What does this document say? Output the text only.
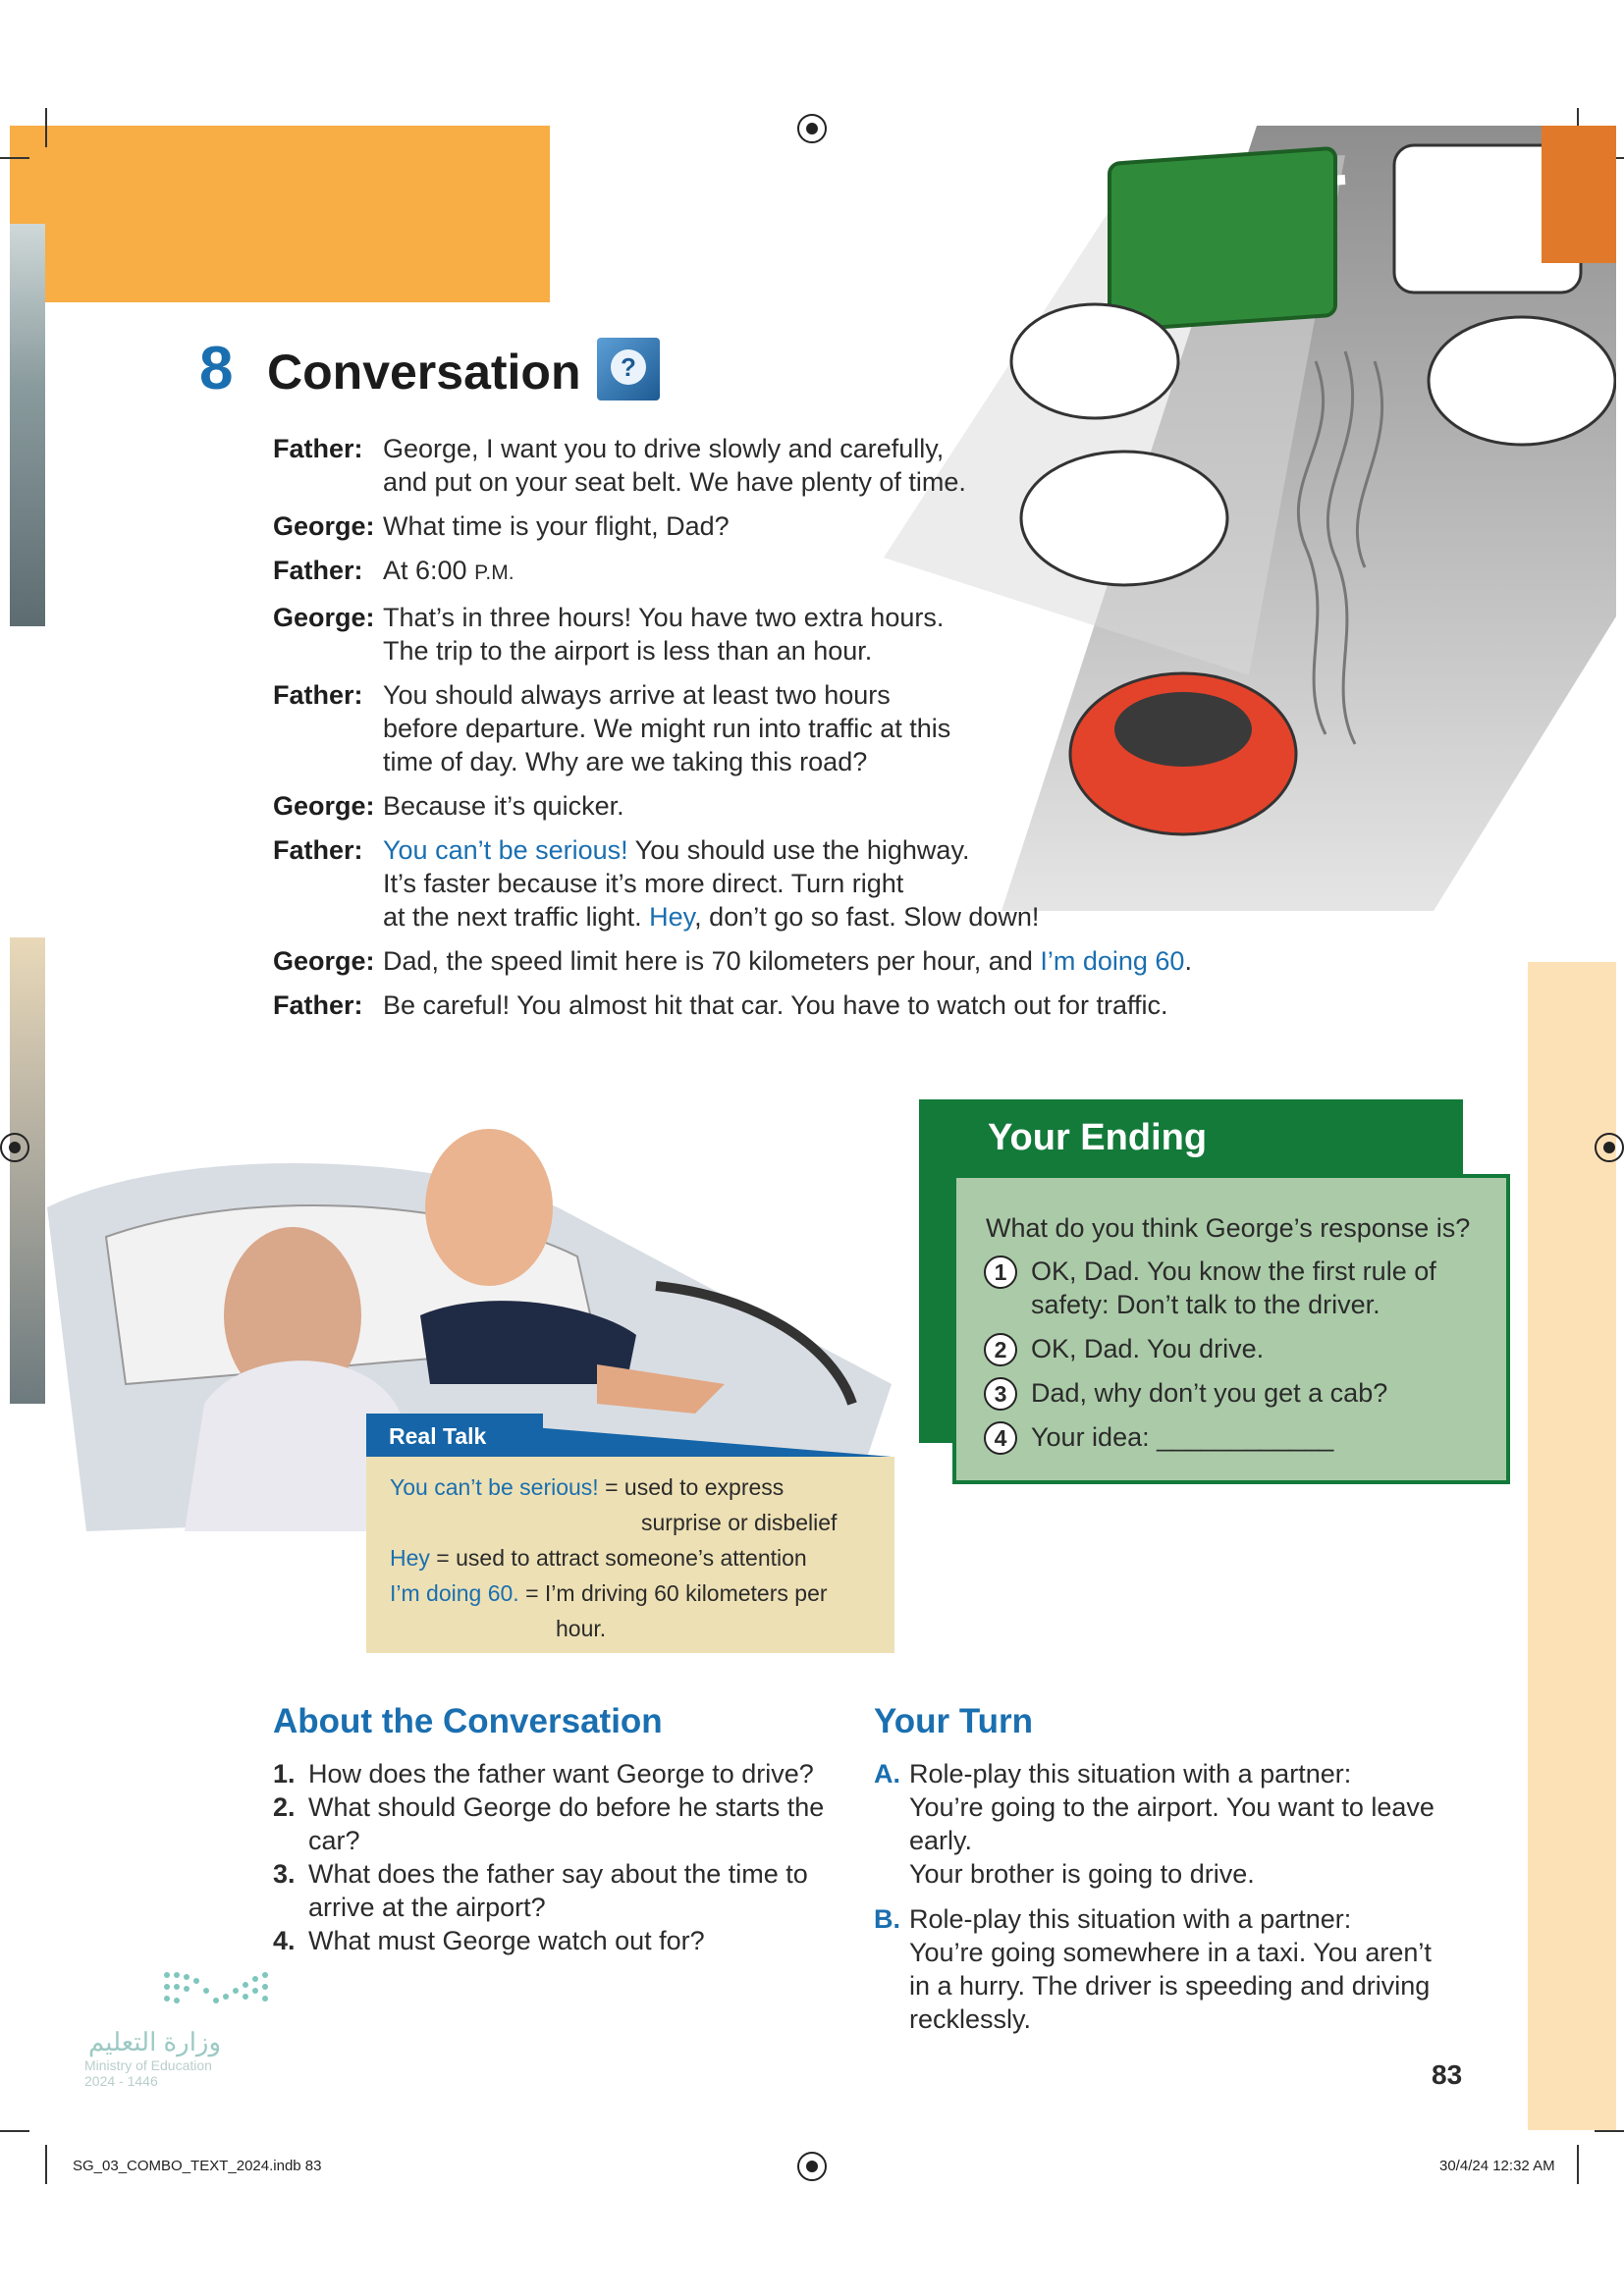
8 Conversation	?
Father: George, I want you to drive slowly and carefully,

and put on your seat belt. We have plenty of time.

George: What time is your flight, Dad?

Father: At 6:00 P.M.

George: That’s in three hours! You have two extra hours.

The trip to the airport is less than an hour.

Father: You should always arrive at least two hours

before departure. We might run into traffic at this

time of day. Why are we taking this road?

George: Because it’s quicker.

Father: You can’t be serious! You should use the highway.

It’s faster because it’s more direct. Turn right

at the next traffic light. Hey, don’t go so fast. Slow down!

George: Dad, the speed limit here is 70 kilometers per hour, and I’m doing 60.

Father: Be careful! You almost hit that car. You have to watch out for traffic.

Your Ending
What do you think George’s response is?
1 OK, Dad. You know the first rule of
safety: Don’t talk to the driver.
2 OK, Dad. You drive.
3 Dad, why don’t you get a cab?
4 Your idea: ____________
Real Talk
You can’t be serious! = used to express
surprise or disbelief
Hey = used to attract someone’s attention
I’m doing 60. = I’m driving 60 kilometers per
hour.
About the Conversation
1. How does the father want George to drive?
2. What should George do before he starts the
car?
3. What does the father say about the time to
arrive at the airport?
4. What must George watch out for?
Your Turn
A. Role-play this situation with a partner:
You’re going to the airport. You want to leave
early.
Your brother is going to drive.
B. Role-play this situation with a partner:
You’re going somewhere in a taxi. You aren’t
in a hurry. The driver is speeding and driving
recklessly.
وزارة التعليم
Ministry of Education
2024 - 1446	83
SG_03_COMBO_TEXT_2024.indb 83	30/4/24 12:32 AM
